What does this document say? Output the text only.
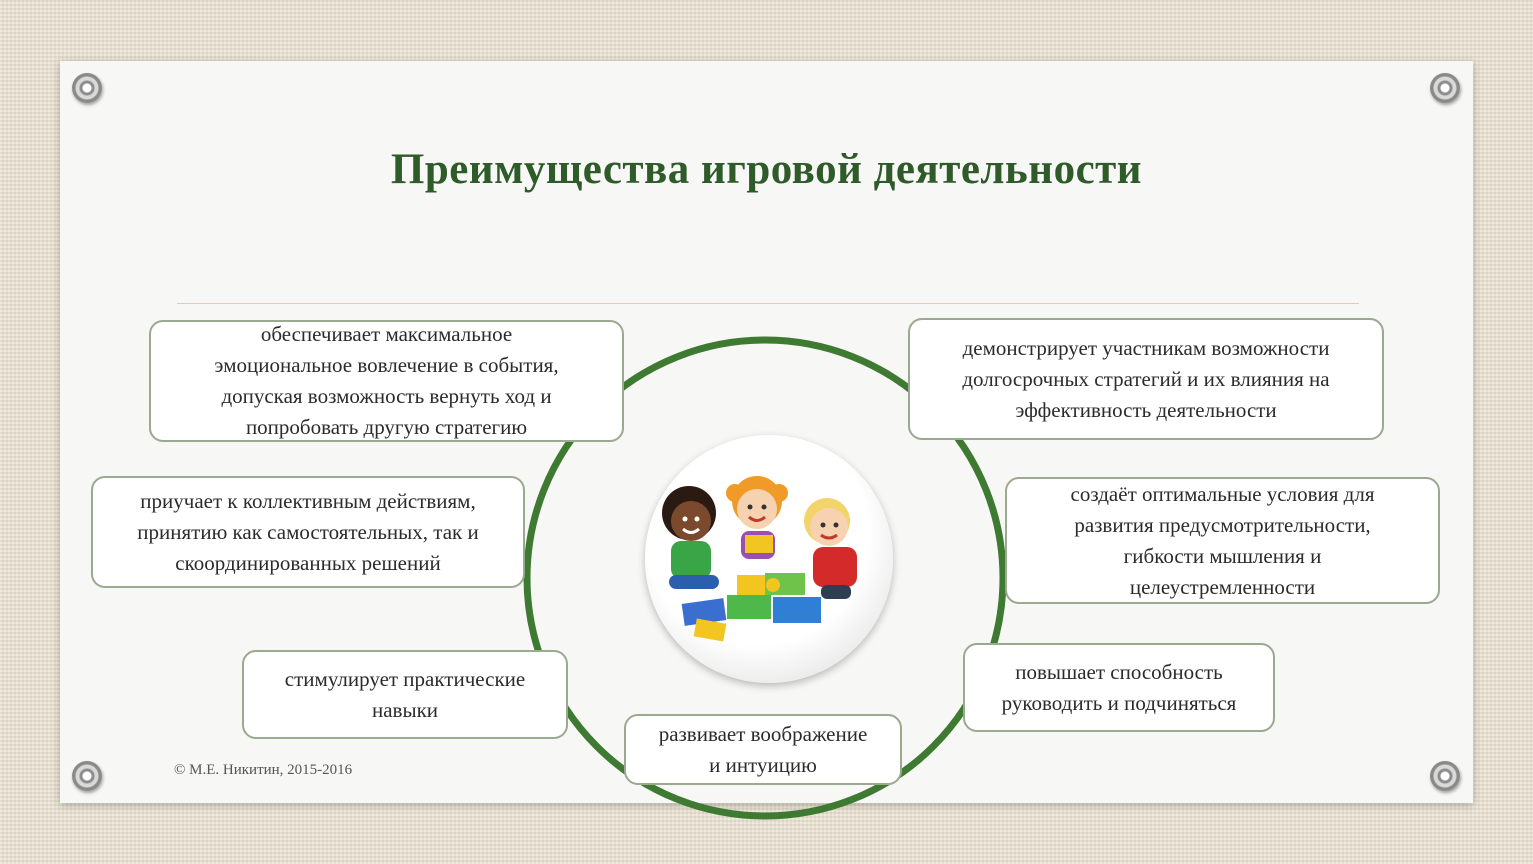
Преимущества игровой деятельности
обеспечивает максимальное
эмоциональное вовлечение в события,
допуская возможность вернуть ход и
попробовать другую стратегию
демонстрирует участникам возможности
долгосрочных стратегий и их влияния на
эффективность деятельности
приучает к коллективным действиям,
принятию как самостоятельных, так и
скоординированных решений
создаёт оптимальные условия для
развития предусмотрительности,
гибкости мышления и
целеустремленности
стимулирует практические
навыки
повышает способность
руководить и подчиняться
развивает воображение
и интуицию
© М.Е. Никитин, 2015-2016
